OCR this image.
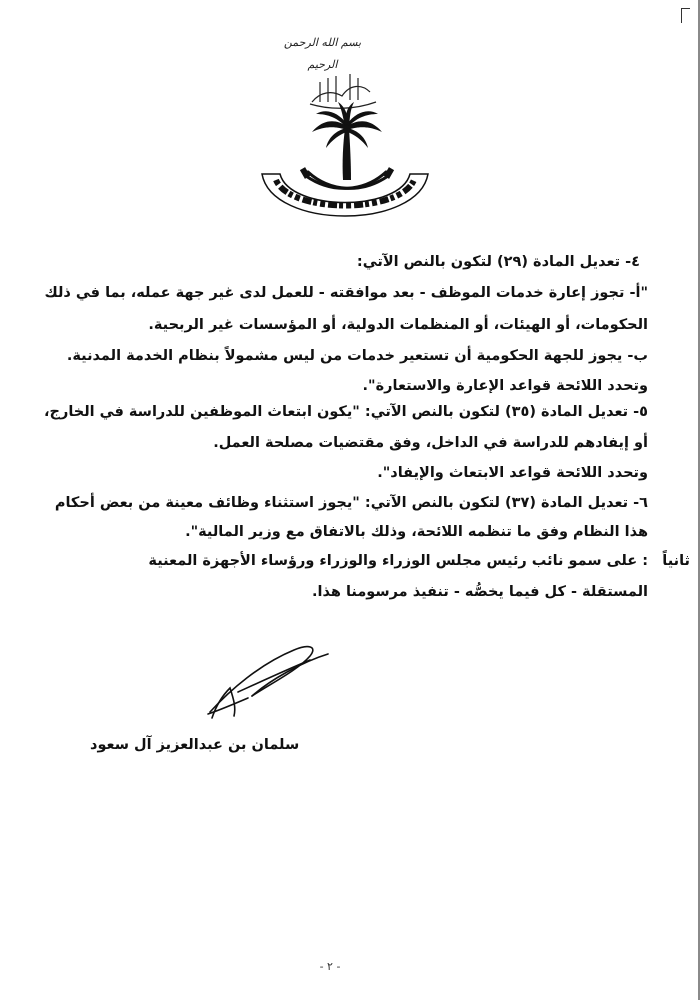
بسم الله الرحمن الرحيم
٤- تعديل المادة (٢٩) لتكون بالنص الآتي:
"أ- تجوز إعارة خدمات الموظف - بعد موافقته - للعمل لدى غير جهة عمله، بما في ذلك
الحكومات، أو الهيئات، أو المنظمات الدولية، أو المؤسسات غير الربحية.
ب- يجوز للجهة الحكومية أن تستعير خدمات من ليس مشمولاً بنظام الخدمة المدنية.
وتحدد اللائحة قواعد الإعارة والاستعارة".
٥- تعديل المادة (٣٥) لتكون بالنص الآتي: "يكون ابتعاث الموظفين للدراسة في الخارج،
أو إيفادهم للدراسة في الداخل، وفق مقتضيات مصلحة العمل.
وتحدد اللائحة قواعد الابتعاث والإيفاد".
٦- تعديل المادة (٣٧) لتكون بالنص الآتي: "يجوز استثناء وظائف معينة من بعض أحكام
هذا النظام وفق ما تنظمه اللائحة، وذلك بالاتفاق مع وزير المالية".
ثانياً
: على سمو نائب رئيس مجلس الوزراء والوزراء ورؤساء الأجهزة المعنية
المستقلة - كل فيما يخصُّه - تنفيذ مرسومنا هذا.
سلمان بن عبدالعزيز آل سعود
- ٢ -
